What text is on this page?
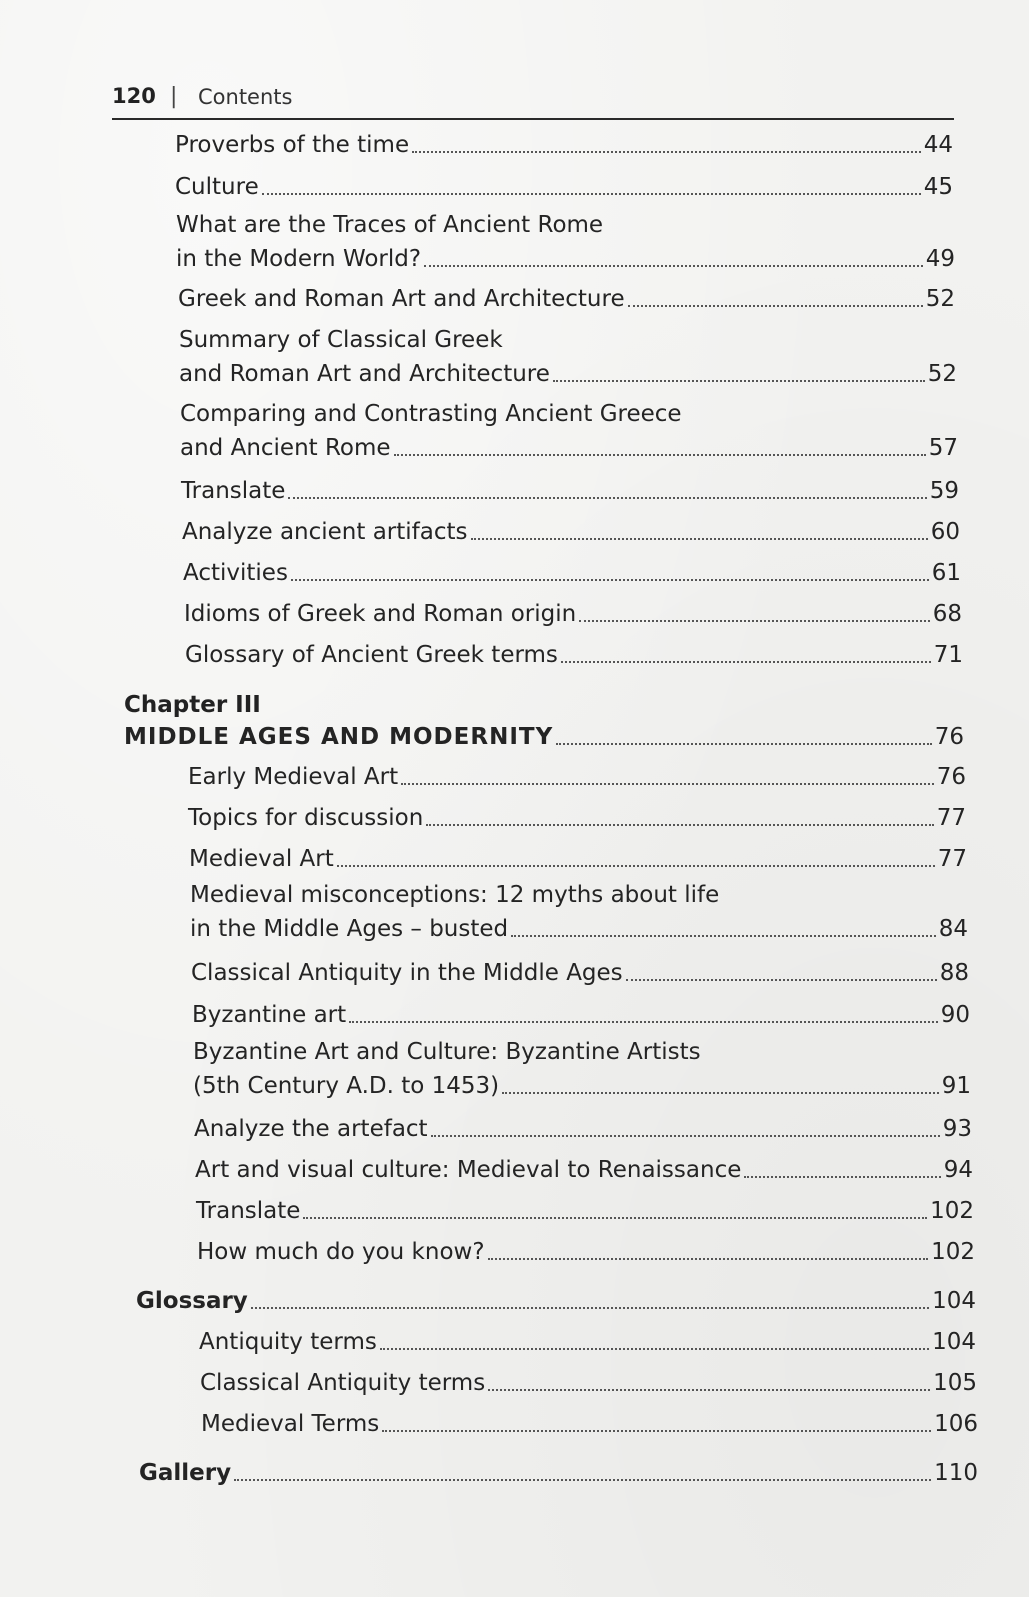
120 | Contents
Proverbs of the time	44
Culture	45
What are the Traces of Ancient Rome
in the Modern World?	49
Greek and Roman Art and Architecture	52
Summary of Classical Greek
and Roman Art and Architecture	52
Comparing and Contrasting Ancient Greece
and Ancient Rome	57
Translate	59
Analyze ancient artifacts	60
Activities	61
Idioms of Greek and Roman origin	68
Glossary of Ancient Greek terms	71
Chapter III
MIDDLE AGES AND MODERNITY	76
Early Medieval Art	76
Topics for discussion	77
Medieval Art	77
Medieval misconceptions: 12 myths about life
in the Middle Ages – busted	84
Classical Antiquity in the Middle Ages	88
Byzantine art	90
Byzantine Art and Culture: Byzantine Artists
(5th Century A.D. to 1453)	91
Analyze the artefact	93
Art and visual culture: Medieval to Renaissance	94
Translate	102
How much do you know?	102
Glossary	104
Antiquity terms	104
Classical Antiquity terms	105
Medieval Terms	106
Gallery	110
